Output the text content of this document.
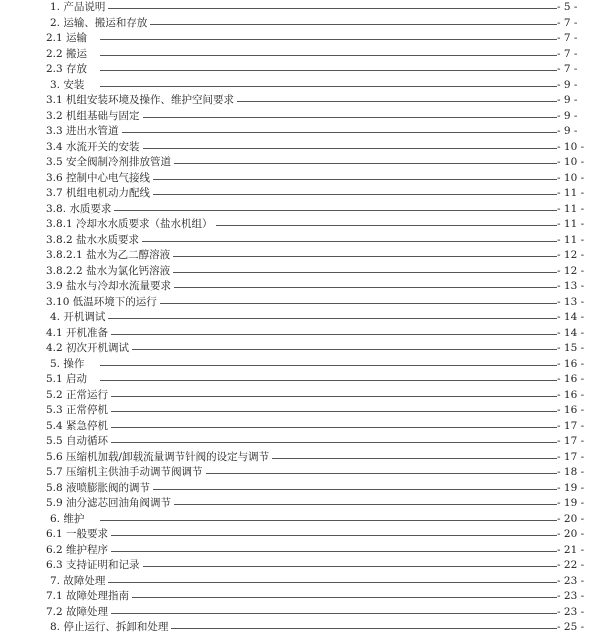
1. 产品说明	- 5 -
2. 运输、搬运和存放	- 7 -
2.1 运输	- 7 -
2.2 搬运	- 7 -
2.3 存放	- 7 -
3. 安装	- 9 -
3.1 机组安装环境及操作、维护空间要求	- 9 -
3.2 机组基础与固定	- 9 -
3.3 进出水管道	- 9 -
3.4 水流开关的安装	- 10 -
3.5 安全阀制冷剂排放管道	- 10 -
3.6 控制中心电气接线	- 10 -
3.7 机组电机动力配线	- 11 -
3.8. 水质要求	- 11 -
3.8.1 冷却水水质要求（盐水机组）	- 11 -
3.8.2 盐水水质要求	- 11 -
3.8.2.1 盐水为乙二醇溶液	- 12 -
3.8.2.2 盐水为氯化钙溶液	- 12 -
3.9 盐水与冷却水流量要求	- 13 -
3.10 低温环境下的运行	- 13 -
4. 开机调试	- 14 -
4.1 开机准备	- 14 -
4.2 初次开机调试	- 15 -
5. 操作	- 16 -
5.1 启动	- 16 -
5.2 正常运行	- 16 -
5.3 正常停机	- 16 -
5.4 紧急停机	- 17 -
5.5 自动循环	- 17 -
5.6 压缩机加载/卸载流量调节针阀的设定与调节	- 17 -
5.7 压缩机主供油手动调节阀调节	- 18 -
5.8 液喷膨胀阀的调节	- 19 -
5.9 油分滤芯回油角阀调节	- 19 -
6. 维护	- 20 -
6.1 一般要求	- 20 -
6.2 维护程序	- 21 -
6.3 支持证明和记录	- 22 -
7. 故障处理	- 23 -
7.1 故障处理指南	- 23 -
7.2 故障处理	- 23 -
8. 停止运行、拆卸和处理	- 25 -
